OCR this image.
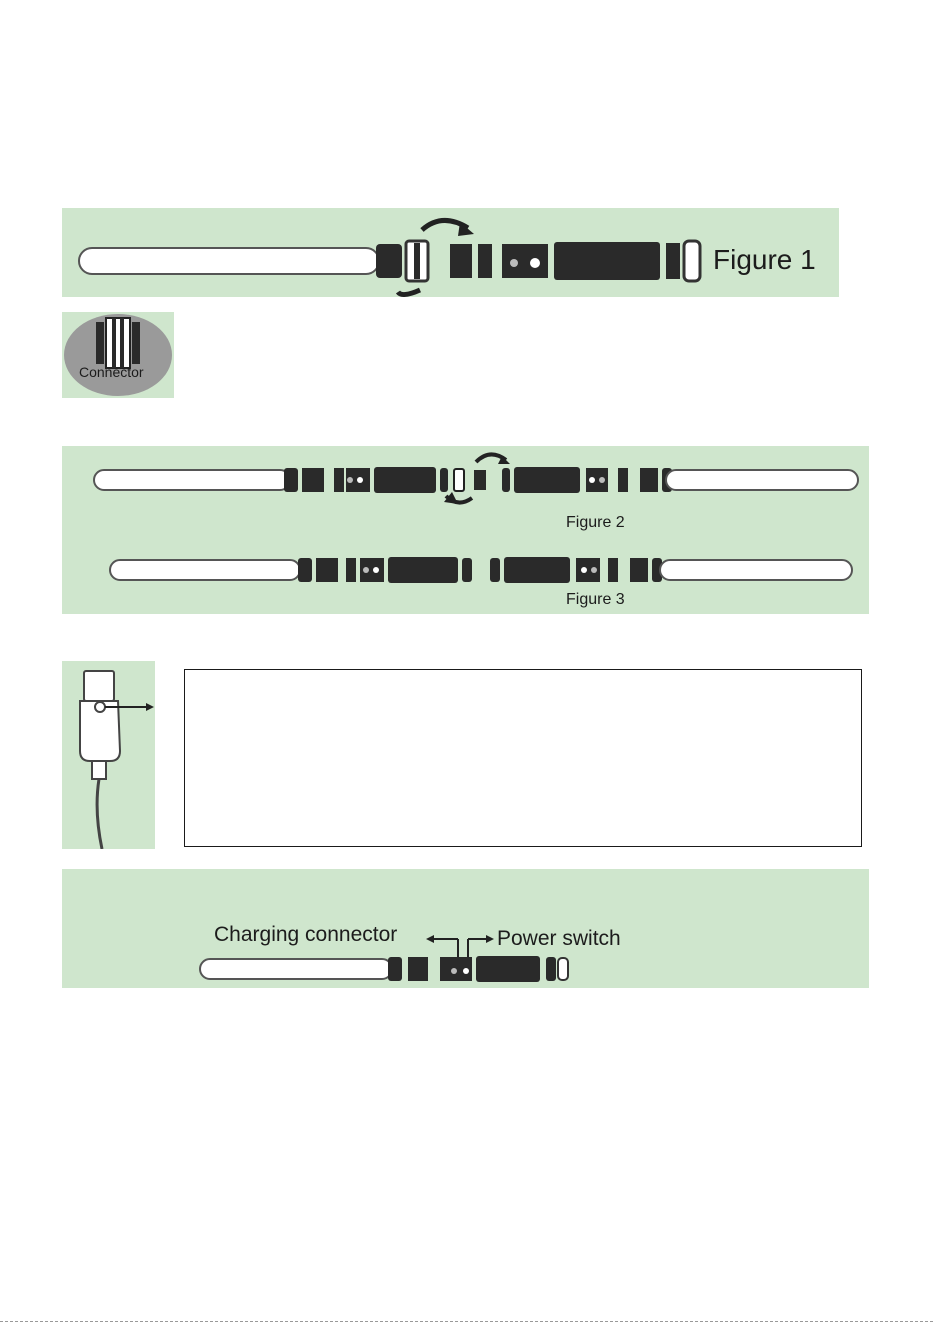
Figure 1
Connector
Figure 2
Figure 3
Charging connector	Power switch
